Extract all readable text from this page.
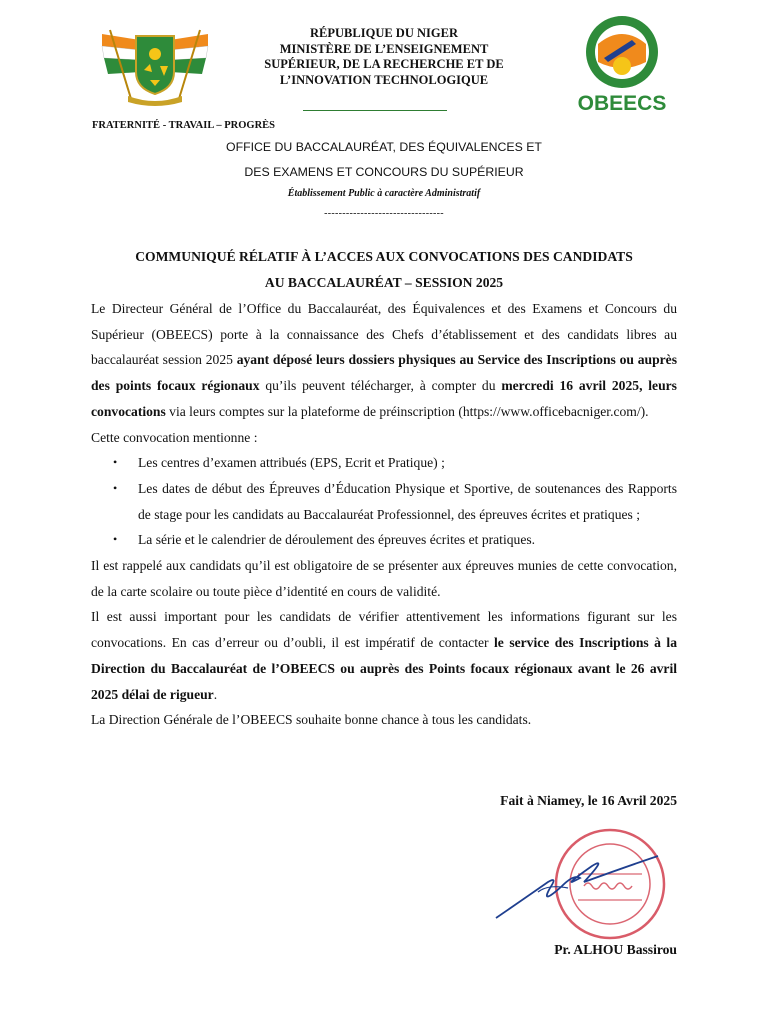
RÉPUBLIQUE DU NIGER
MINISTÈRE DE L’ENSEIGNEMENT
SUPÉRIEUR, DE LA RECHERCHE ET DE
L’INNOVATION TECHNOLOGIQUE
OBEECS
FRATERNITÉ - TRAVAIL – PROGRÈS
OFFICE DU BACCALAURÉAT, DES ÉQUIVALENCES ET
DES EXAMENS ET CONCOURS DU SUPÉRIEUR
Établissement Public à caractère Administratif
---------------------------------
COMMUNIQUÉ RÉLATIF À L’ACCES AUX CONVOCATIONS DES CANDIDATS
AU BACCALAURÉAT – SESSION 2025

Le Directeur Général de l’Office du Baccalauréat, des Équivalences et des Examens et Concours du Supérieur (OBEECS) porte à la connaissance des Chefs d’établissement et des candidats libres au baccalauréat session 2025 ayant déposé leurs dossiers physiques au Service des Inscriptions ou auprès des points focaux régionaux qu’ils peuvent télécharger, à compter du mercredi 16 avril 2025, leurs convocations via leurs comptes sur la plateforme de préinscription (https://www.officebacniger.com/).

Cette convocation mentionne :

• Les centres d’examen attribués (EPS, Ecrit et Pratique) ;
• Les dates de début des Épreuves d’Éducation Physique et Sportive, de soutenances des Rapports de stage pour les candidats au Baccalauréat Professionnel, des épreuves écrites et pratiques ;
• La série et le calendrier de déroulement des épreuves écrites et pratiques.

Il est rappelé aux candidats qu’il est obligatoire de se présenter aux épreuves munies de cette convocation, de la carte scolaire ou toute pièce d’identité en cours de validité.

Il est aussi important pour les candidats de vérifier attentivement les informations figurant sur les convocations. En cas d’erreur ou d’oubli, il est impératif de contacter le service des Inscriptions à la Direction du Baccalauréat de l’OBEECS ou auprès des Points focaux régionaux avant le 26 avril 2025 délai de rigueur.

La Direction Générale de l’OBEECS souhaite bonne chance à tous les candidats.

Fait à Niamey, le 16 Avril 2025
Pr. ALHOU Bassirou
